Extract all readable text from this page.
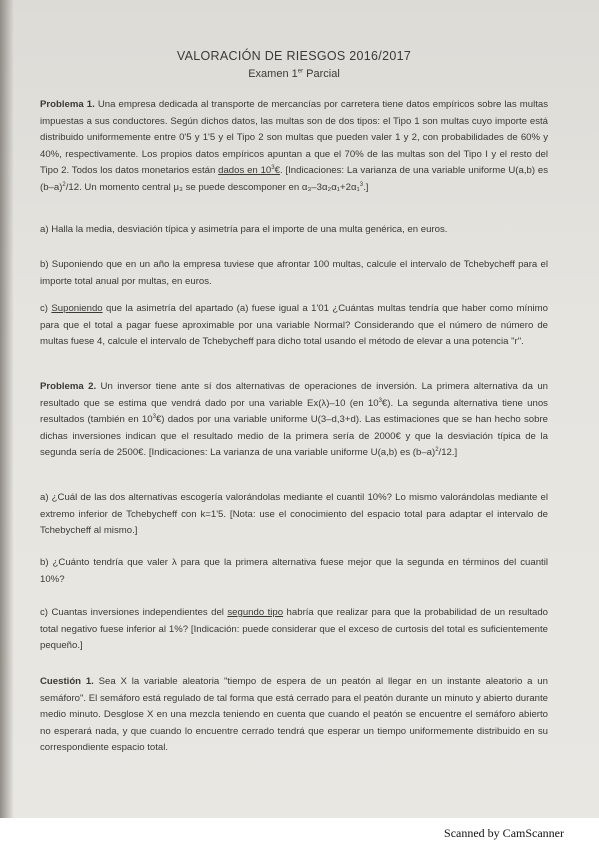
VALORACIÓN DE RIESGOS 2016/2017
Examen 1er Parcial

Problema 1. Una empresa dedicada al transporte de mercancías por carretera tiene datos empíricos sobre las multas impuestas a sus conductores. Según dichos datos, las multas son de dos tipos: el Tipo 1 son multas cuyo importe está distribuido uniformemente entre 0'5 y 1'5 y el Tipo 2 son multas que pueden valer 1 y 2, con probabilidades de 60% y 40%, respectivamente. Los propios datos empíricos apuntan a que el 70% de las multas son del Tipo I y el resto del Tipo 2. Todos los datos monetarios están dados en $10^3€$. [Indicaciones: La varianza de una variable uniforme U(a,b) es $(b-a)^2/12$. Un momento central μ₃ se puede descomponer en α₃–3α₂α₁+2α₁$^3$.]

a) Halla la media, desviación típica y asimetría para el importe de una multa genérica, en euros.

b) Suponiendo que en un año la empresa tuviese que afrontar 100 multas, calcule el intervalo de Tchebycheff para el importe total anual por multas, en euros.

c) Suponiendo que la asimetría del apartado (a) fuese igual a 1'01 ¿Cuántas multas tendría que haber como mínimo para que el total a pagar fuese aproximable por una variable Normal? Considerando que el número de número de multas fuese 4, calcule el intervalo de Tchebycheff para dicho total usando el método de elevar a una potencia "r".

Problema 2. Un inversor tiene ante sí dos alternativas de operaciones de inversión. La primera alternativa da un resultado que se estima que vendrá dado por una variable Ex(λ)–10 (en $10^3€$). La segunda alternativa tiene unos resultados (también en $10^3€$) dados por una variable uniforme U(3–d,3+d). Las estimaciones que se han hecho sobre dichas inversiones indican que el resultado medio de la primera sería de 2000€ y que la desviación típica de la segunda sería de 2500€. [Indicaciones: La varianza de una variable uniforme U(a,b) es $(b-a)^2/12$.]

a) ¿Cuál de las dos alternativas escogería valorándolas mediante el cuantil 10%? Lo mismo valorándolas mediante el extremo inferior de Tchebycheff con k=1'5. [Nota: use el conocimiento del espacio total para adaptar el intervalo de Tchebycheff al mismo.]

b) ¿Cuánto tendría que valer λ para que la primera alternativa fuese mejor que la segunda en términos del cuantil 10%?

c) Cuantas inversiones independientes del segundo tipo habría que realizar para que la probabilidad de un resultado total negativo fuese inferior al 1%? [Indicación: puede considerar que el exceso de curtosis del total es suficientemente pequeño.]

Cuestión 1. Sea X la variable aleatoria "tiempo de espera de un peatón al llegar en un instante aleatorio a un semáforo". El semáforo está regulado de tal forma que está cerrado para el peatón durante un minuto y abierto durante medio minuto. Desglose X en una mezcla teniendo en cuenta que cuando el peatón se encuentre el semáforo abierto no esperará nada, y que cuando lo encuentre cerrado tendrá que esperar un tiempo uniformemente distribuido en su correspondiente espacio total.

Scanned by CamScanner
